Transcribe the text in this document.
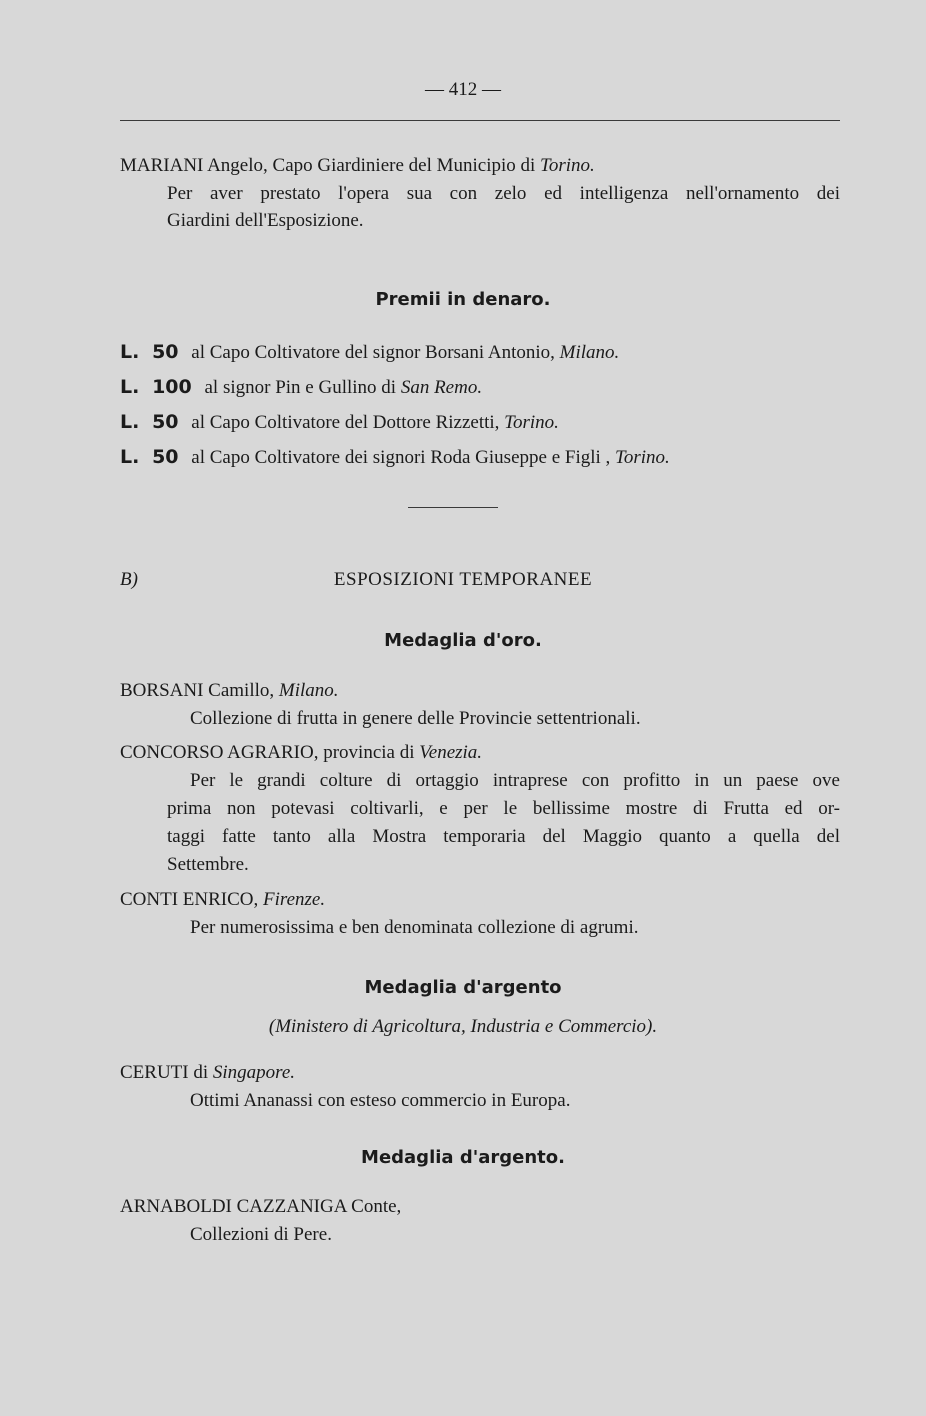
— 412 —
MARIANI Angelo, Capo Giardiniere del Municipio di Torino.
Per aver prestato l'opera sua con zelo ed intelligenza nell'ornamento dei
Giardini dell'Esposizione.
Premii in denaro.
L. 50 al Capo Coltivatore del signor Borsani Antonio, Milano.
L. 100 al signor Pin e Gullino di San Remo.
L. 50 al Capo Coltivatore del Dottore Rizzetti, Torino.
L. 50 al Capo Coltivatore dei signori Roda Giuseppe e Figli , Torino.
B)	ESPOSIZIONI TEMPORANEE
Medaglia d'oro.
BORSANI Camillo, Milano.
Collezione di frutta in genere delle Provincie settentrionali.
CONCORSO AGRARIO, provincia di Venezia.
Per le grandi colture di ortaggio intraprese con profitto in un paese ove
prima non potevasi coltivarli, e per le bellissime mostre di Frutta ed or-
taggi fatte tanto alla Mostra temporaria del Maggio quanto a quella del
Settembre.
CONTI ENRICO, Firenze.
Per numerosissima e ben denominata collezione di agrumi.
Medaglia d'argento
(Ministero di Agricoltura, Industria e Commercio).
CERUTI di Singapore.
Ottimi Ananassi con esteso commercio in Europa.
Medaglia d'argento.
ARNABOLDI CAZZANIGA Conte,
Collezioni di Pere.
